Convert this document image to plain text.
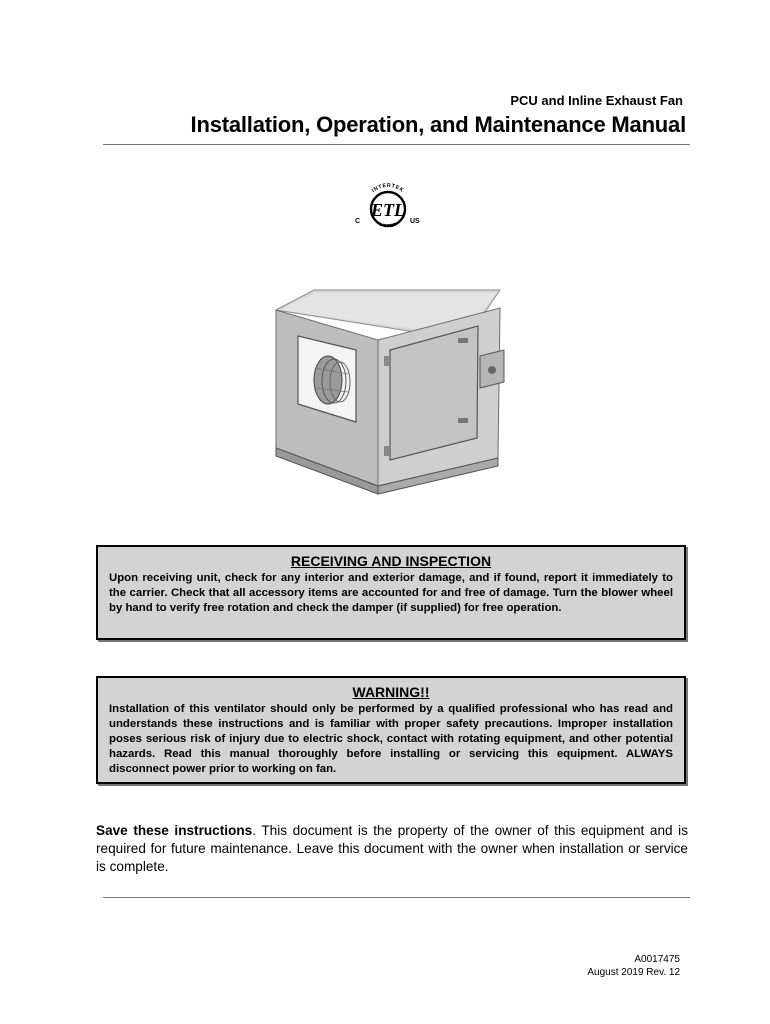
PCU and Inline Exhaust Fan
Installation, Operation, and Maintenance Manual
INTERTEK
LISTED
ETL
C	US

RECEIVING AND INSPECTION

Upon receiving unit, check for any interior and exterior damage, and if found, report it immediately to the carrier. Check that all accessory items are accounted for and free of damage. Turn the blower wheel by hand to verify free rotation and check the damper (if supplied) for free operation.

WARNING!!

Installation of this ventilator should only be performed by a qualified professional who has read and understands these instructions and is familiar with proper safety precautions. Improper installation poses serious risk of injury due to electric shock, contact with rotating equipment, and other potential hazards. Read this manual thoroughly before installing or servicing this equipment. ALWAYS disconnect power prior to working on fan.

Save these instructions. This document is the property of the owner of this equipment and is required for future maintenance. Leave this document with the owner when installation or service is complete.

A0017475
August 2019 Rev. 12
